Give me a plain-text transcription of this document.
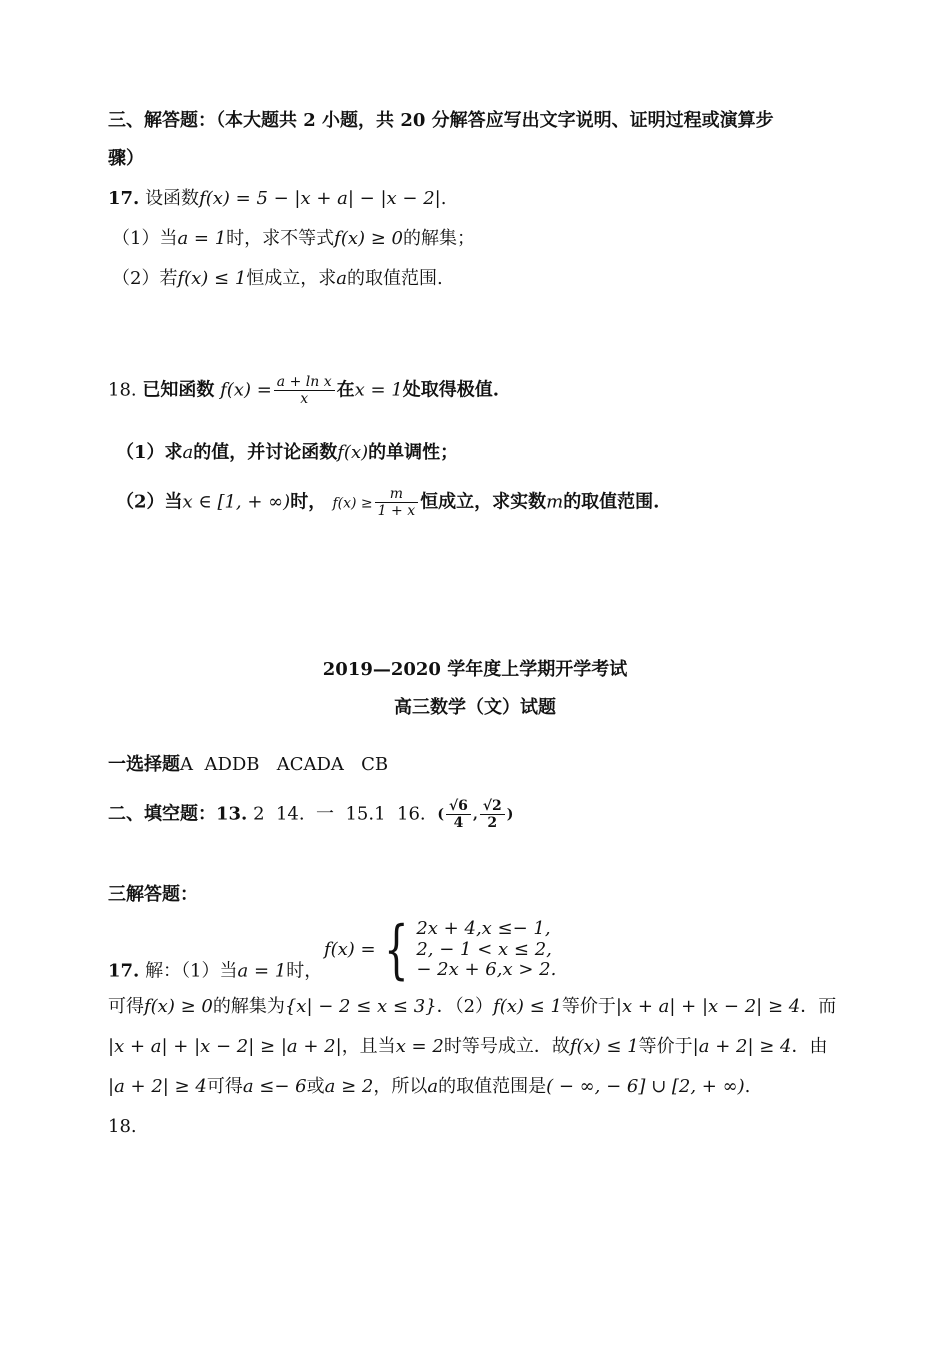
三、解答题：（本大题共 2 小题，共 20 分解答应写出文字说明、证明过程或演算步
骤）
17. 设函数f(x) = 5 − |x + a| − |x − 2|.
（1）当a = 1时，求不等式f(x) ≥ 0的解集；
（2）若f(x) ≤ 1恒成立，求a的取值范围.
18. 已知函数 $f(x) = \frac{\text{a + ln x}}{x}$ 在x = 1处取得极值.
（1）求a的值，并讨论函数f(x)的单调性；
（2）当x ∈ [1, + ∞)时， $f(x) \ge \frac{m}{1 + x}$ 恒成立，求实数m的取值范围.
2019—2020 学年度上学期开学考试
高三数学（文）试题
一选择题A  ADDB   ACADA   CB
二、填空题：13. 2  14.  一  15.1  16. ( $\frac{√6}{4}$ , $\frac{√2}{2}$ )
三解答题：
17. 解：（1）当a = 1时， f(x) = { 2x + 4,x ≤− 1,
2, − 1 < x ≤ 2,
− 2x + 6,x > 2.
可得f(x) ≥ 0的解集为{x| − 2 ≤ x ≤ 3}．（2）f(x) ≤ 1等价于|x + a| + |x − 2| ≥ 4．而
|x + a| + |x − 2| ≥ |a + 2|，且当x = 2时等号成立．故f(x) ≤ 1等价于|a + 2| ≥ 4．由
|a + 2| ≥ 4可得a ≤− 6或a ≥ 2，所以a的取值范围是( − ∞, − 6] ∪ [2, + ∞).
18.
